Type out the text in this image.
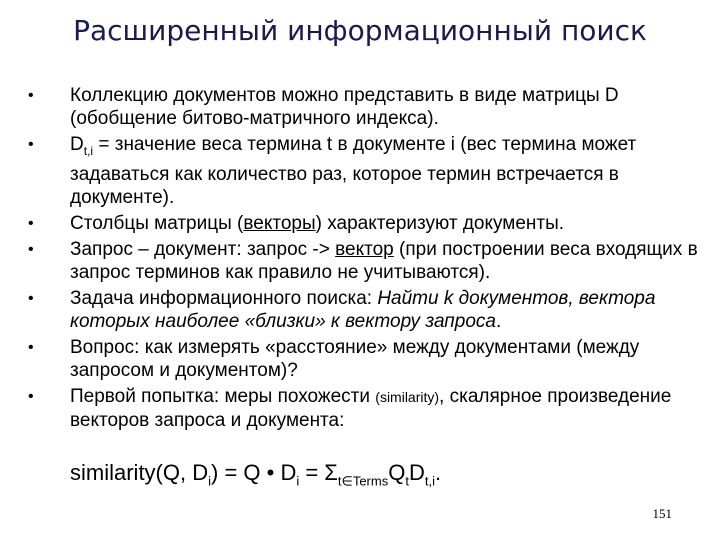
Расширенный информационный поиск
•	Коллекцию документов можно представить в виде матрицы D (обобщение битово-матричного индекса).
•	$D_{t,i}$ = значение веса термина t в документе i (вес термина может задаваться как количество раз, которое термин встречается в документе).
•	Столбцы матрицы (векторы) характеризуют документы.
•	Запрос – документ: запрос -> вектор (при построении веса входящих в запрос терминов как правило не учитываются).
•	Задача информационного поиска: Найти k документов, вектора которых наиболее «близки» к вектору запроса.
•	Вопрос: как измерять «расстояние» между документами (между запросом и документом)?
•	Первой попытка: меры похожести (similarity), скалярное произведение векторов запроса и документа:
similarity(Q, $D_i) = Q$ • $D_i = \Sigma_{t\in Terms}Q_tD_{t,i}$.
151
